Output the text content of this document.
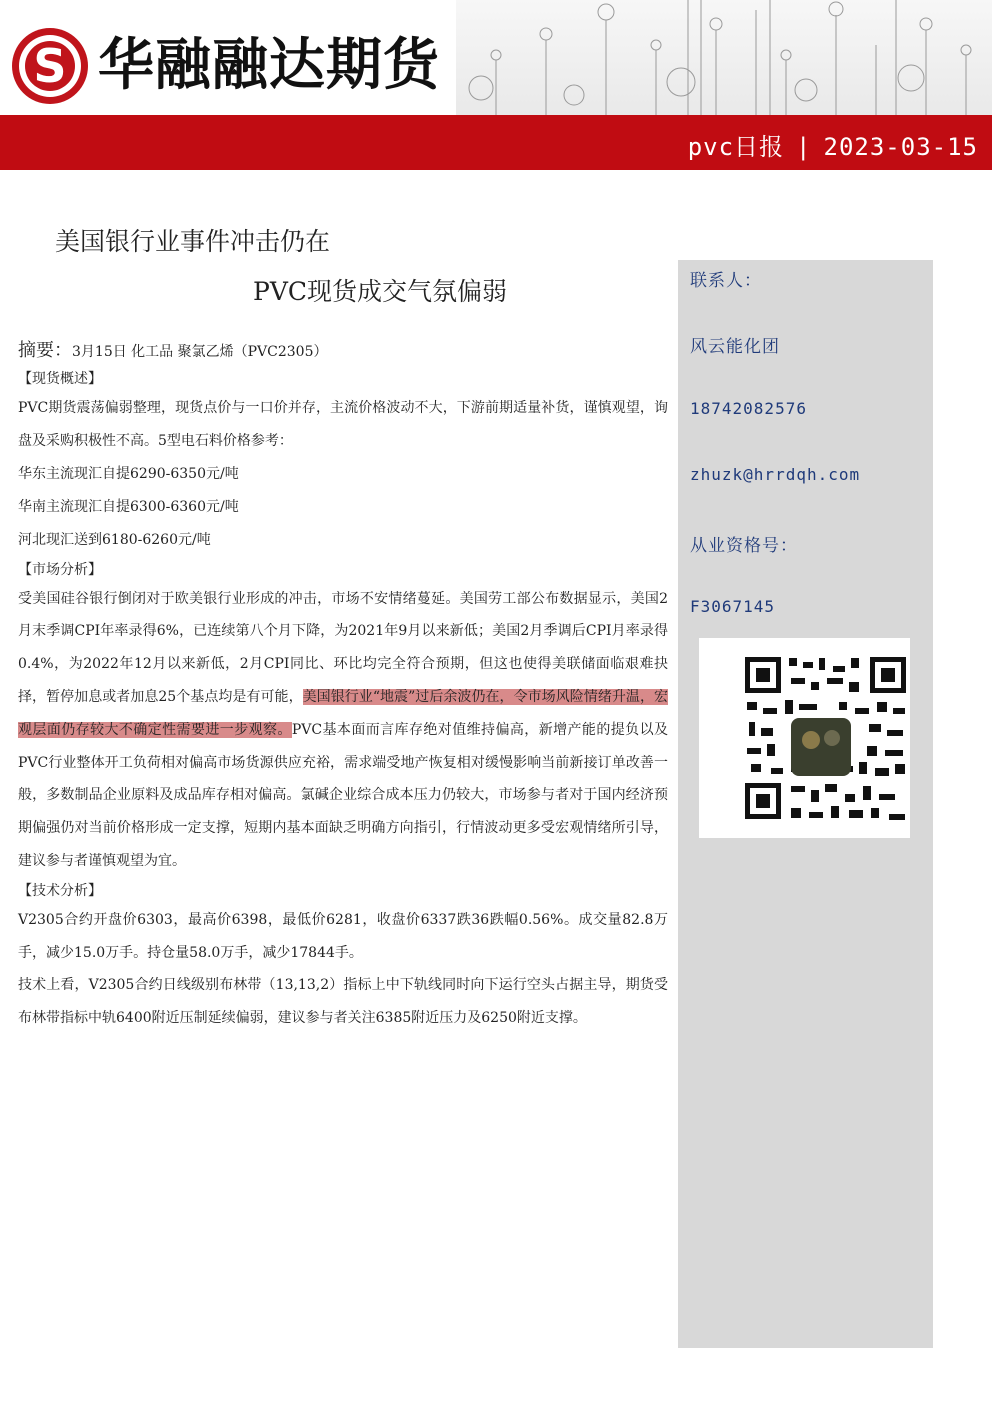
S 华融融达期货
pvc日报 | 2023-03-15
美国银行业事件冲击仍在
PVC现货成交气氛偏弱	联系人：
风云能化团
18742082576
zhuzk@hrrdqh.com
从业资格号：
F3067145
摘要：3月15日 化工品 聚氯乙烯（PVC2305）
【现货概述】
PVC期货震荡偏弱整理，现货点价与一口价并存，主流价格波动不大，下游前期适量补货，谨慎观望，询盘及采购积极性不高。5型电石料价格参考：
华东主流现汇自提6290-6350元/吨
华南主流现汇自提6300-6360元/吨
河北现汇送到6180-6260元/吨
【市场分析】
受美国硅谷银行倒闭对于欧美银行业形成的冲击，市场不安情绪蔓延。美国劳工部公布数据显示，美国2月末季调CPI年率录得6%，已连续第八个月下降，为2021年9月以来新低；美国2月季调后CPI月率录得0.4%，为2022年12月以来新低，2月CPI同比、环比均完全符合预期，但这也使得美联储面临艰难抉择，暂停加息或者加息25个基点均是有可能，美国银行业“地震”过后余波仍在，令市场风险情绪升温，宏观层面仍存较大不确定性需要进一步观察。PVC基本面而言库存绝对值维持偏高，新增产能的提负以及PVC行业整体开工负荷相对偏高市场货源供应充裕，需求端受地产恢复相对缓慢影响当前新接订单改善一般，多数制品企业原料及成品库存相对偏高。氯碱企业综合成本压力仍较大，市场参与者对于国内经济预期偏强仍对当前价格形成一定支撑，短期内基本面缺乏明确方向指引，行情波动更多受宏观情绪所引导，建议参与者谨慎观望为宜。
【技术分析】
V2305合约开盘价6303，最高价6398，最低价6281，收盘价6337跌36跌幅0.56%。成交量82.8万手，减少15.0万手。持仓量58.0万手，减少17844手。
技术上看，V2305合约日线级别布林带（13,13,2）指标上中下轨线同时向下运行空头占据主导，期货受布林带指标中轨6400附近压制延续偏弱，建议参与者关注6385附近压力及6250附近支撑。
